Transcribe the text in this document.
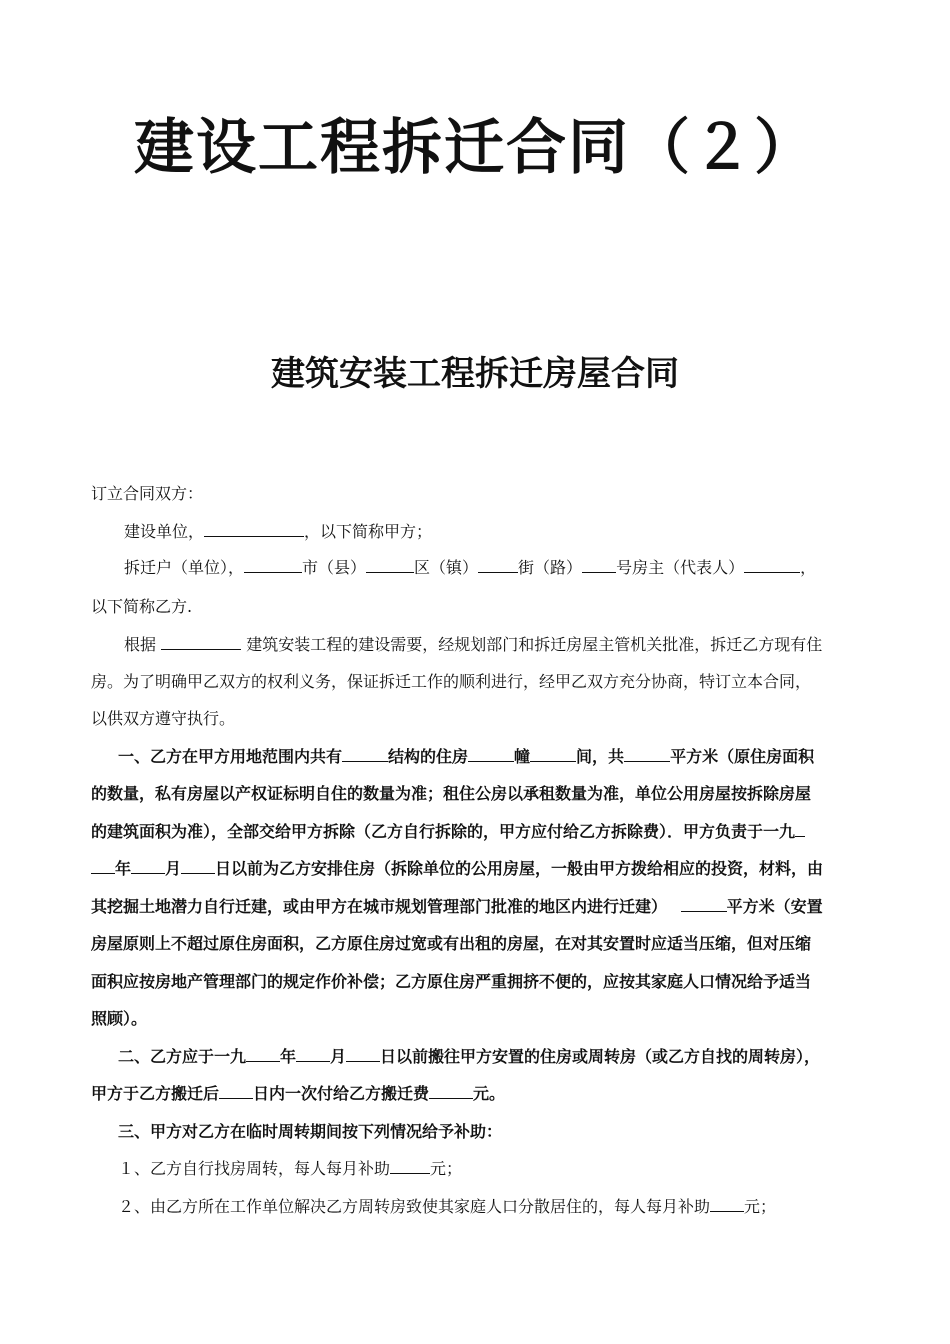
建设工程拆迁合同（２）
建筑安装工程拆迁房屋合同
订立合同双方：
建设单位，	，以下简称甲方；
拆迁户（单位），	市（县）	区（镇）	街（路） 号房主（代表人）	，
以下简称乙方.
根据	建筑安装工程的建设需要，经规划部门和拆迁房屋主管机关批准，拆迁乙方现有住
房。为了明确甲乙双方的权利义务，保证拆迁工作的顺利进行，经甲乙双方充分协商，特订立本合同，
以供双方遵守执行。
一、乙方在甲方用地范围内共有	结构的住房	幢	间，共	平方米（原住房面积
的数量，私有房屋以产权证标明自住的数量为准；租住公房以承租数量为准，单位公用房屋按拆除房屋
的建筑面积为准），全部交给甲方拆除（乙方自行拆除的，甲方应付给乙方拆除费）．甲方负责于一九
年 月 日以前为乙方安排住房（拆除单位的公用房屋，一般由甲方拨给相应的投资，材料，由
其挖掘土地潜力自行迁建，或由甲方在城市规划管理部门批准的地区内进行迁建）	平方米（安置
房屋原则上不超过原住房面积，乙方原住房过宽或有出租的房屋，在对其安置时应适当压缩，但对压缩
面积应按房地产管理部门的规定作价补偿；乙方原住房严重拥挤不便的，应按其家庭人口情况给予适当
照顾）。
二、乙方应于一九 年 月 日以前搬往甲方安置的住房或周转房（或乙方自找的周转房），
甲方于乙方搬迁后 日内一次付给乙方搬迁费	元。
三、甲方对乙方在临时周转期间按下列情况给予补助：
１、乙方自行找房周转，每人每月补助	元；
２、由乙方所在工作单位解决乙方周转房致使其家庭人口分散居住的，每人每月补助 元；
